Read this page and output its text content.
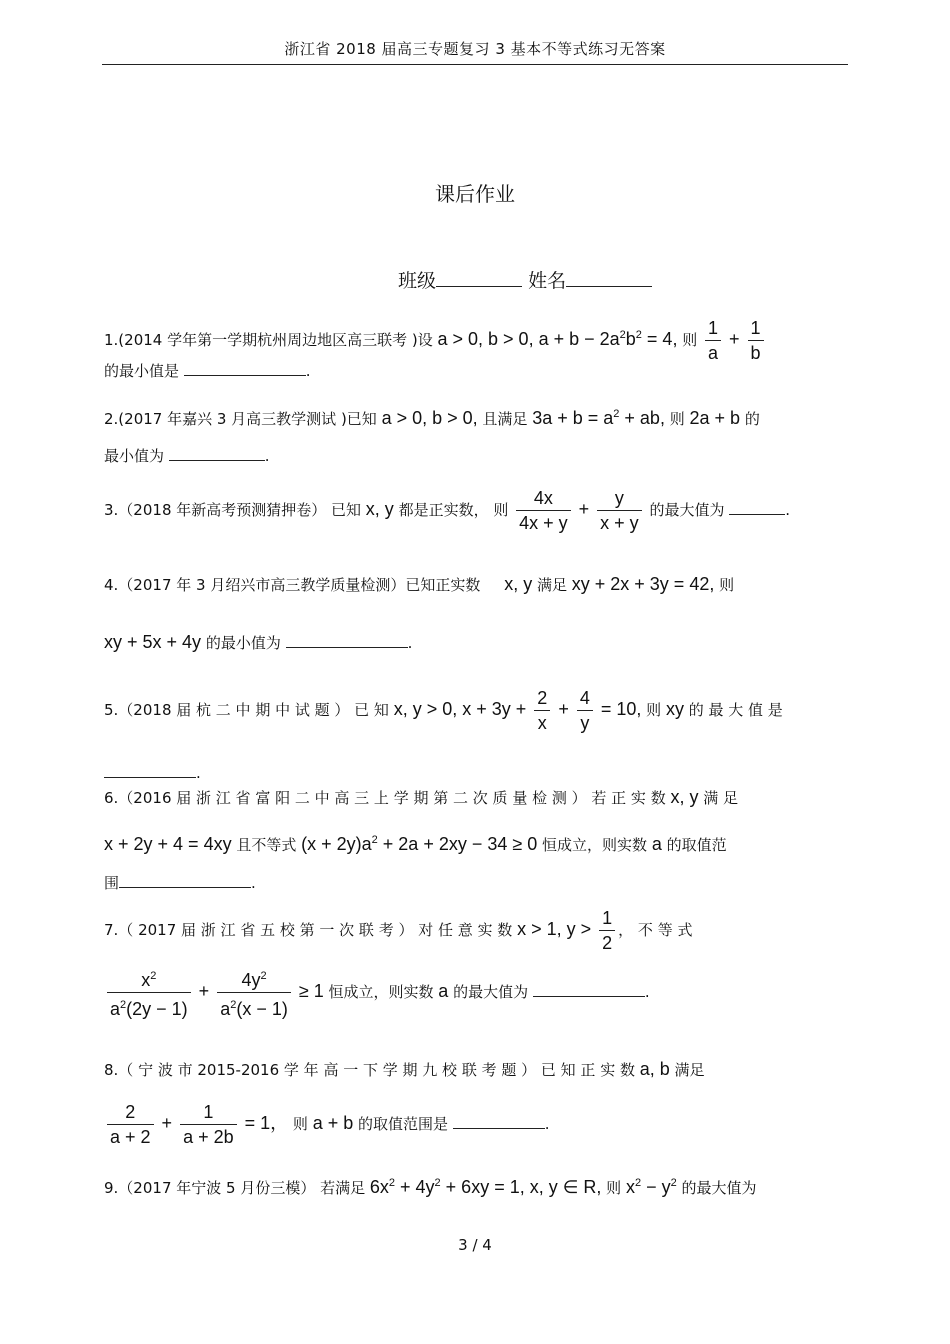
浙江省 2018 届高三专题复习 3 基本不等式练习无答案
课后作业
班级	姓名
1.(2014 学年第一学期杭州周边地区高三联考 )设 a > 0, b > 0, $a + b - 2a^2b^2 = 4$, 则 $\frac{1}{a} + \frac{1}{b}$
的最小值是	.
2.(2017 年嘉兴 3 月高三教学测试 )已知 a > 0, b > 0, 且满足 $3a + b = a^2$ + ab, 则 2a + b 的
最小值为	.
3.（2018 年新高考预测猜押卷） 已知 x, y 都是正实数， 则 $\frac{4x}{4x + y} + \frac{y}{x + y}$ 的最大值为	.
4.（2017 年 3 月绍兴市高三教学质量检测）已知正实数 x, y 满足 xy + 2x + 3y = 42, 则
xy + 5x + 4y 的最小值为	.
5.（2018 届 杭 二 中 期 中 试 题 ） 已 知 x, y > 0, $x + 3y + \frac{2}{x} + \frac{4}{y} = 10$, 则 xy 的 最 大 值 是
.
6.（2016 届 浙 江 省 富 阳 二 中 高 三 上 学 期 第 二 次 质 量 检 测 ） 若 正 实 数 x, y 满 足
x + 2y + 4 = 4xy 且不等式 $(x + 2y)a^2 + 2a + 2xy - 34 \ge 0$ 恒成立，则实数 a 的取值范
围	.
7.（ 2017 届 浙 江 省 五 校 第 一 次 联 考 ） 对 任 意 实 数 x > 1, $y > \frac{1}{2}$ ， 不 等 式
$\frac{x^2}{a^2(2y - 1)} + \frac{4y^2}{a^2(x - 1)} \ge 1$ 恒成立，则实数 a 的最大值为	.
8.（ 宁 波 市 2015-2016 学 年 高 一 下 学 期 九 校 联 考 题 ） 已 知 正 实 数 a, b 满足
$\frac{2}{a + 2} + \frac{1}{a + 2b} = 1$， 则 a + b 的取值范围是	.
9.（2017 年宁波 5 月份三模） 若满足 $6x^2 + 4y^2 + 6xy = 1$, x, y ∈ R, 则 $x^2 - y^2$ 的最大值为
3 / 4
